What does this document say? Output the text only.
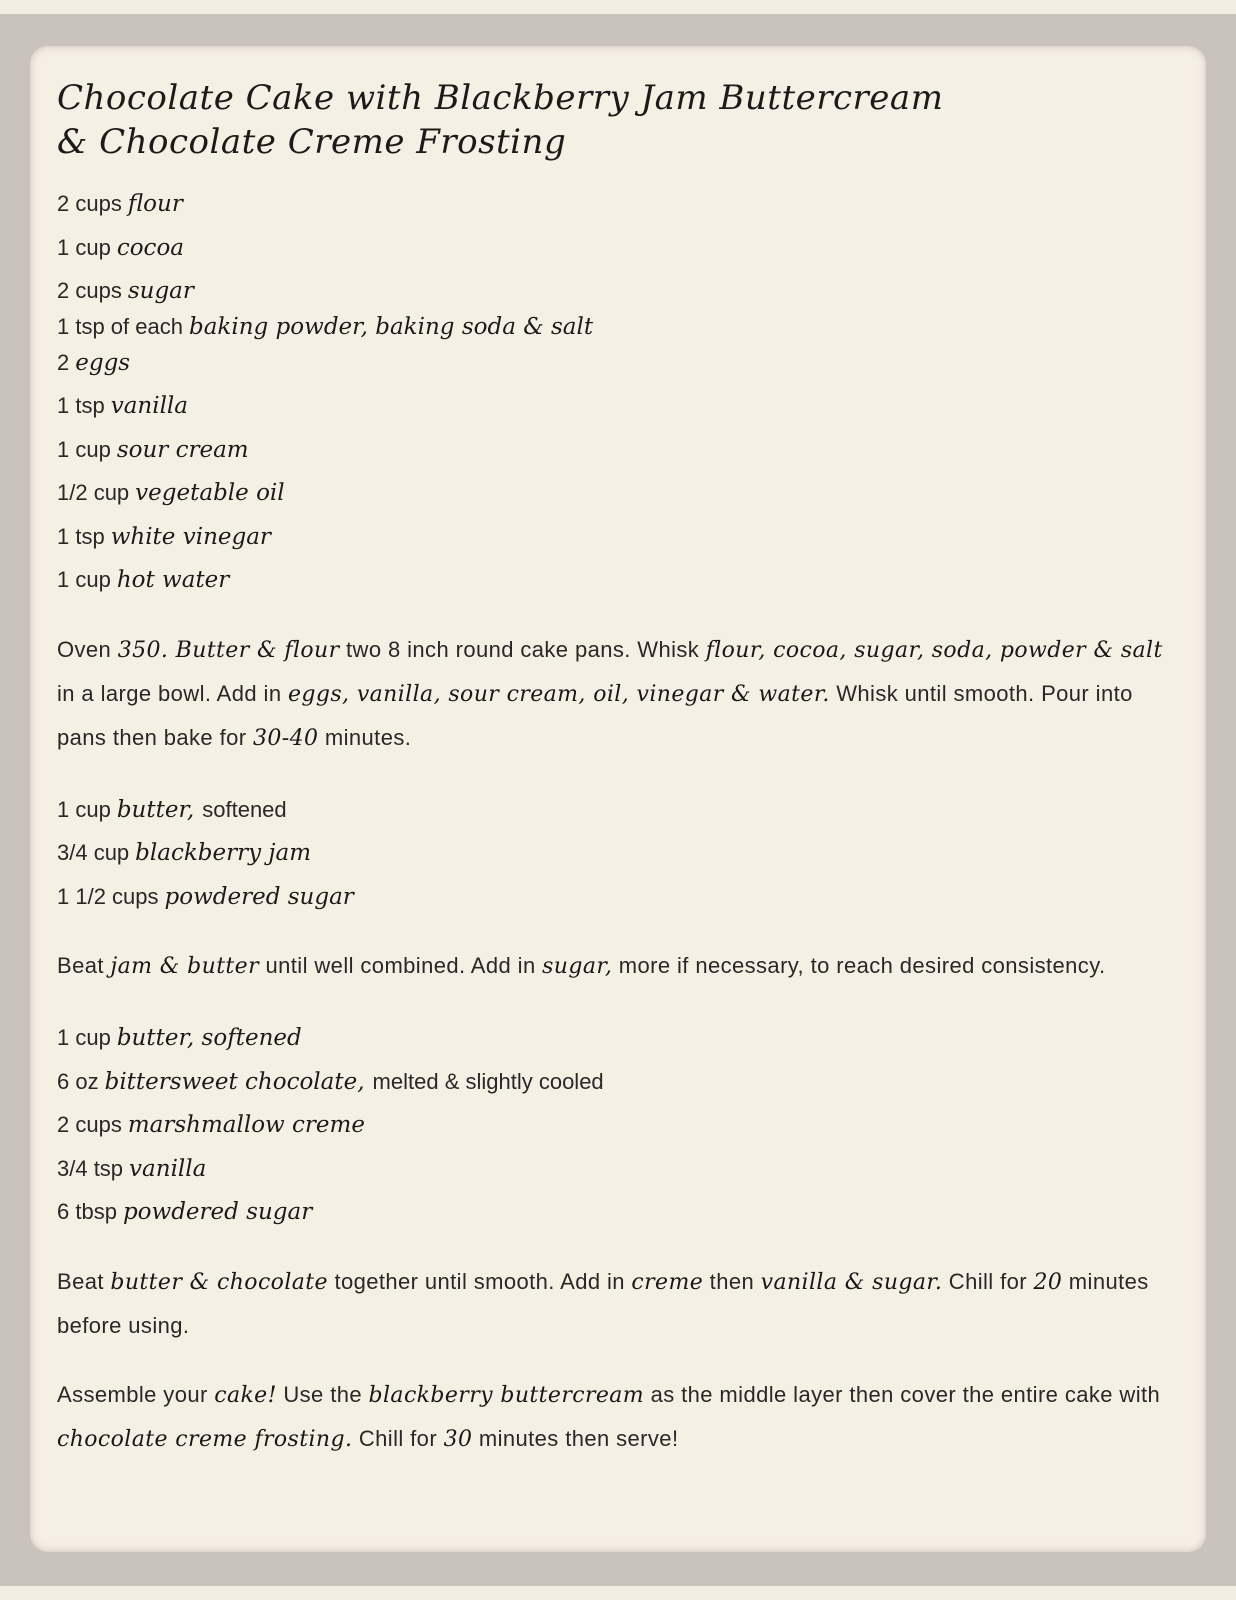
Chocolate Cake with Blackberry Jam Buttercream
& Chocolate Creme Frosting
2 cups flour
1 cup cocoa
2 cups sugar
1 tsp of each baking powder, baking soda & salt
2 eggs
1 tsp vanilla
1 cup sour cream
1/2 cup vegetable oil
1 tsp white vinegar
1 cup hot water

Oven 350. Butter & flour two 8 inch round cake pans. Whisk flour, cocoa, sugar, soda, powder & salt in a large bowl. Add in eggs, vanilla, sour cream, oil, vinegar & water. Whisk until smooth. Pour into pans then bake for 30-40 minutes.

1 cup butter, softened
3/4 cup blackberry jam
1 1/2 cups powdered sugar

Beat jam & butter until well combined. Add in sugar, more if necessary, to reach desired consistency.

1 cup butter, softened
6 oz bittersweet chocolate, melted & slightly cooled
2 cups marshmallow creme
3/4 tsp vanilla
6 tbsp powdered sugar

Beat butter & chocolate together until smooth. Add in creme then vanilla & sugar. Chill for 20 minutes before using.

Assemble your cake! Use the blackberry buttercream as the middle layer then cover the entire cake with chocolate creme frosting. Chill for 30 minutes then serve!
